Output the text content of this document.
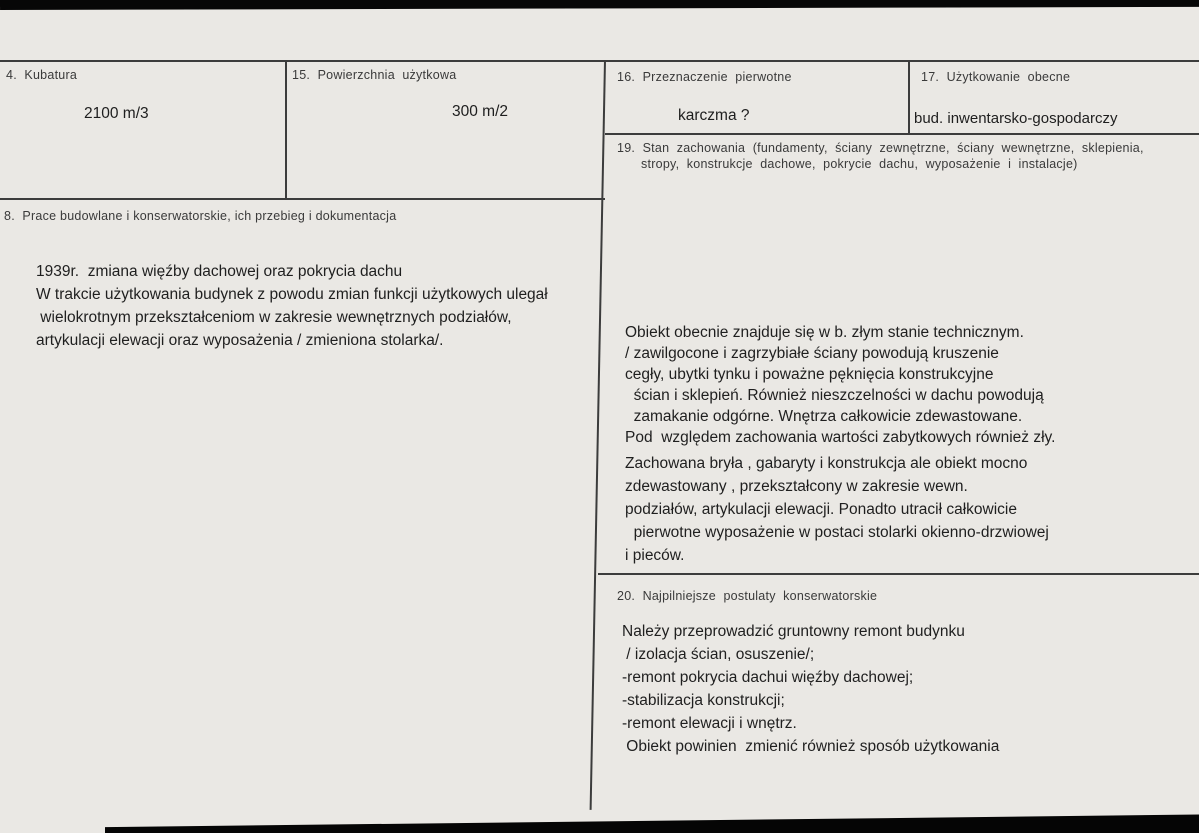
4.  Kubatura
2100 m/3
15.  Powierzchnia  użytkowa
300 m/2
16.  Przeznaczenie  pierwotne
karczma ?
17.  Użytkowanie  obecne
bud. inwentarsko-gospodarczy
19.  Stan  zachowania  (fundamenty,  ściany  zewnętrzne,  ściany  wewnętrzne,  sklepienia,
stropy,  konstrukcje  dachowe,  pokrycie  dachu,  wyposażenie  i  instalacje)
8.  Prace budowlane i konserwatorskie, ich przebieg i dokumentacja
1939r.  zmiana więźby dachowej oraz pokrycia dachu
W trakcie użytkowania budynek z powodu zmian funkcji użytkowych ulegał
wielokrotnym przekształceniom w zakresie wewnętrznych podziałów,
artykulacji elewacji oraz wyposażenia / zmieniona stolarka/.	Obiekt obecnie znajduje się w b. złym stanie technicznym.
/ zawilgocone i zagrzybiałe ściany powodują kruszenie
cegły, ubytki tynku i poważne pęknięcia konstrukcyjne
ścian i sklepień. Również nieszczelności w dachu powodują
zamakanie odgórne. Wnętrza całkowicie zdewastowane.
Pod  względem zachowania wartości zabytkowych również zły.
Zachowana bryła , gabaryty i konstrukcja ale obiekt mocno
zdewastowany , przekształcony w zakresie wewn.
podziałów, artykulacji elewacji. Ponadto utracił całkowicie
pierwotne wyposażenie w postaci stolarki okienno-drzwiowej
i pieców.
20.  Najpilniejsze  postulaty  konserwatorskie
Należy przeprowadzić gruntowny remont budynku
/ izolacja ścian, osuszenie/;
-remont pokrycia dachui więźby dachowej;
-stabilizacja konstrukcji;
-remont elewacji i wnętrz.
Obiekt powinien  zmienić również sposób użytkowania
